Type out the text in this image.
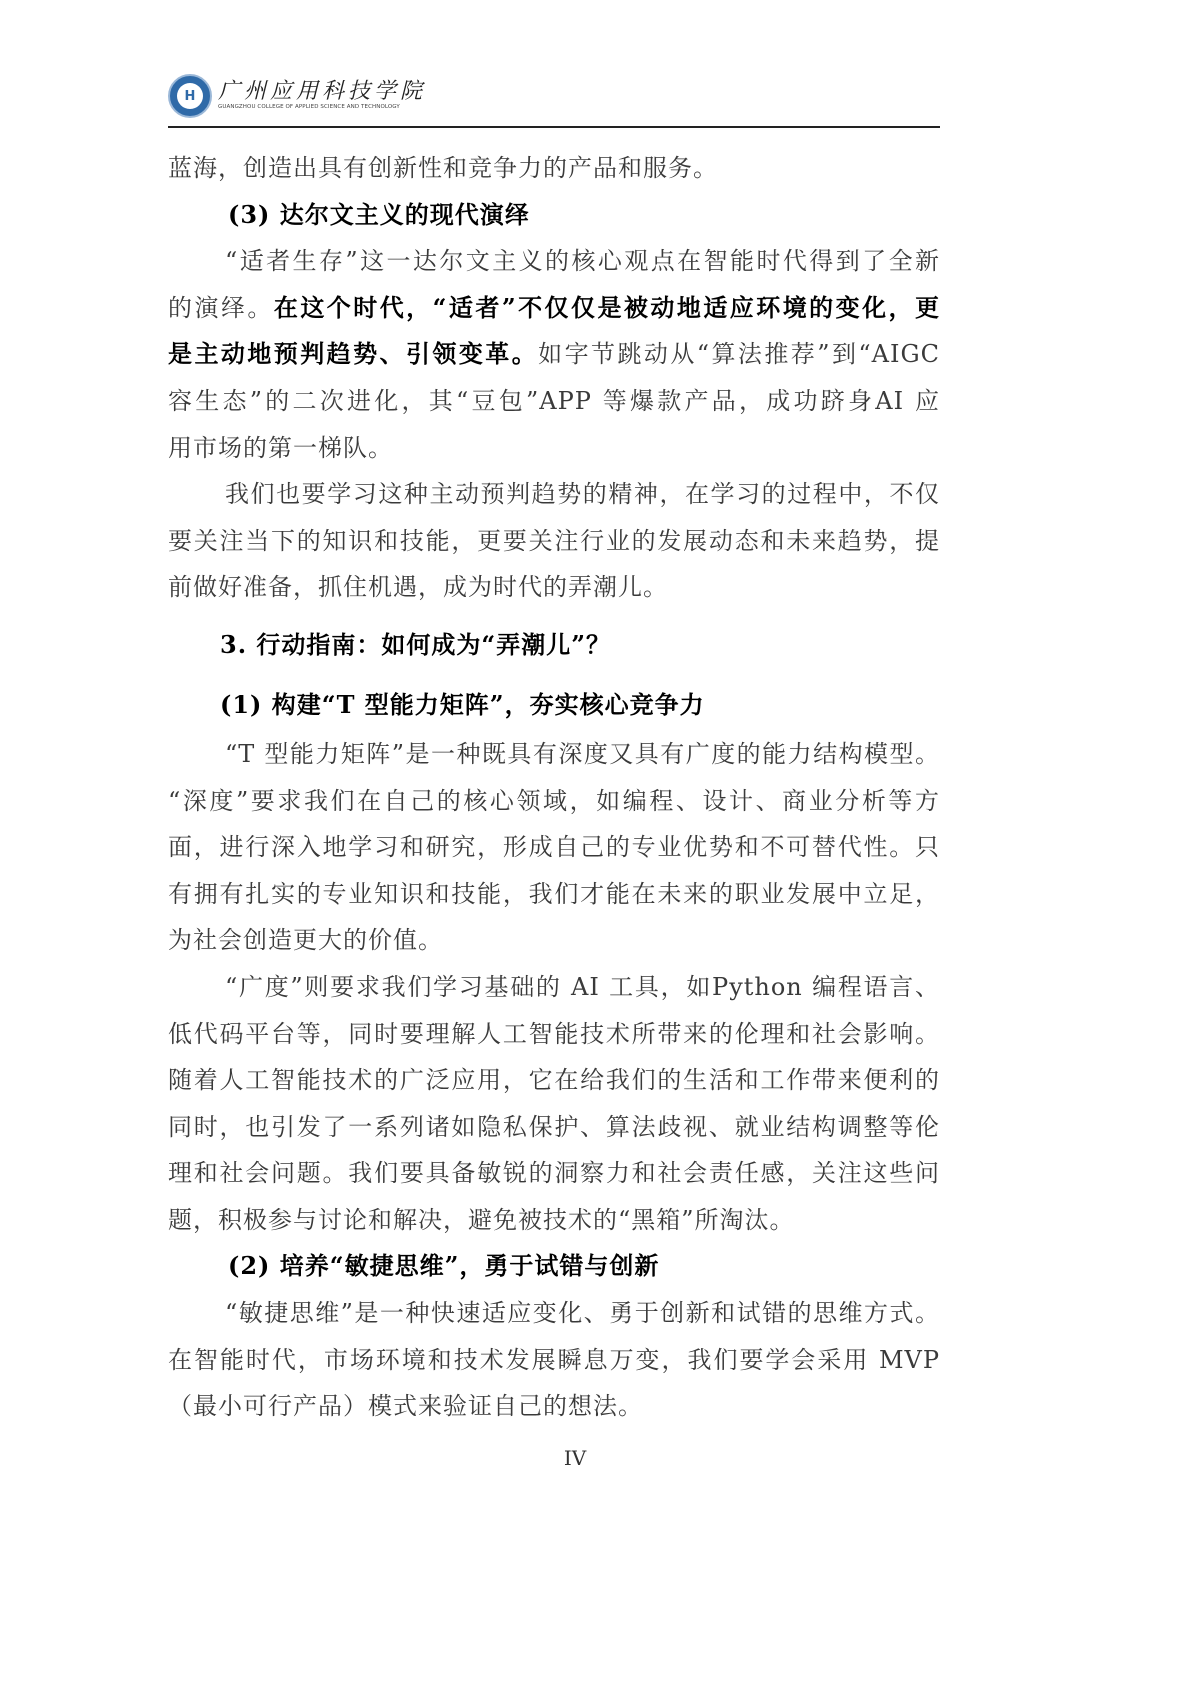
H	广州应用科技学院
GUANGZHOU COLLEGE OF APPLIED SCIENCE AND TECHNOLOGY
蓝海，创造出具有创新性和竞争力的产品和服务。
(3) 达尔文主义的现代演绎
“适者生存”这一达尔文主义的核心观点在智能时代得到了全新
的演绎。在这个时代，“适者”不仅仅是被动地适应环境的变化，更
是主动地预判趋势、引领变革。如字节跳动从“算法推荐”到“AIGC
容生态”的二次进化，其“豆包”APP 等爆款产品，成功跻身AI 应
用市场的第一梯队。
我们也要学习这种主动预判趋势的精神，在学习的过程中，不仅
要关注当下的知识和技能，更要关注行业的发展动态和未来趋势，提
前做好准备，抓住机遇，成为时代的弄潮儿。
3. 行动指南：如何成为“弄潮儿”？
(1) 构建“T 型能力矩阵”，夯实核心竞争力
“T 型能力矩阵”是一种既具有深度又具有广度的能力结构模型。
“深度”要求我们在自己的核心领域，如编程、设计、商业分析等方
面，进行深入地学习和研究，形成自己的专业优势和不可替代性。只
有拥有扎实的专业知识和技能，我们才能在未来的职业发展中立足，
为社会创造更大的价值。
“广度”则要求我们学习基础的 AI 工具，如Python 编程语言、
低代码平台等，同时要理解人工智能技术所带来的伦理和社会影响。
随着人工智能技术的广泛应用，它在给我们的生活和工作带来便利的
同时，也引发了一系列诸如隐私保护、算法歧视、就业结构调整等伦
理和社会问题。我们要具备敏锐的洞察力和社会责任感，关注这些问
题，积极参与讨论和解决，避免被技术的“黑箱”所淘汰。
(2) 培养“敏捷思维”，勇于试错与创新
“敏捷思维”是一种快速适应变化、勇于创新和试错的思维方式。
在智能时代，市场环境和技术发展瞬息万变，我们要学会采用 MVP
（最小可行产品）模式来验证自己的想法。
IV
